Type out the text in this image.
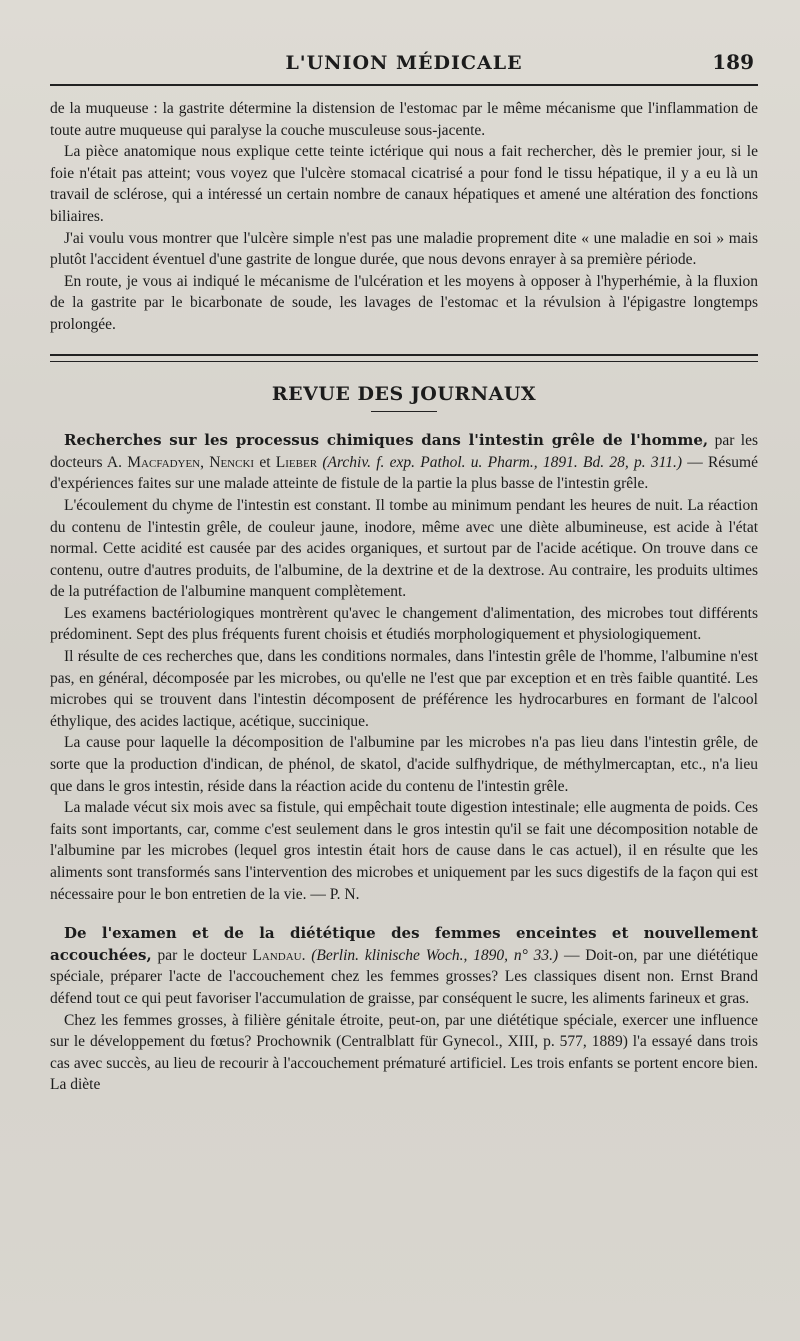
L'UNION MÉDICALE	189

de la muqueuse : la gastrite détermine la distension de l'estomac par le même mécanisme que l'inflammation de toute autre muqueuse qui paralyse la couche musculeuse sous-jacente.

La pièce anatomique nous explique cette teinte ictérique qui nous a fait rechercher, dès le premier jour, si le foie n'était pas atteint; vous voyez que l'ulcère stomacal cicatrisé a pour fond le tissu hépatique, il y a eu là un travail de sclérose, qui a intéressé un certain nombre de canaux hépatiques et amené une altération des fonctions biliaires.

J'ai voulu vous montrer que l'ulcère simple n'est pas une maladie proprement dite « une maladie en soi » mais plutôt l'accident éventuel d'une gastrite de longue durée, que nous devons enrayer à sa première période.

En route, je vous ai indiqué le mécanisme de l'ulcération et les moyens à opposer à l'hyperhémie, à la fluxion de la gastrite par le bicarbonate de soude, les lavages de l'estomac et la révulsion à l'épigastre longtemps prolongée.

REVUE DES JOURNAUX

Recherches sur les processus chimiques dans l'intestin grêle de l'homme, par les docteurs A. Macfadyen, Nencki et Lieber (Archiv. f. exp. Pathol. u. Pharm., 1891. Bd. 28, p. 311.) — Résumé d'expériences faites sur une malade atteinte de fistule de la partie la plus basse de l'intestin grêle.

L'écoulement du chyme de l'intestin est constant. Il tombe au minimum pendant les heures de nuit. La réaction du contenu de l'intestin grêle, de couleur jaune, inodore, même avec une diète albumineuse, est acide à l'état normal. Cette acidité est causée par des acides organiques, et surtout par de l'acide acétique. On trouve dans ce contenu, outre d'autres produits, de l'albumine, de la dextrine et de la dextrose. Au contraire, les produits ultimes de la putréfaction de l'albumine manquent complètement.

Les examens bactériologiques montrèrent qu'avec le changement d'alimentation, des microbes tout différents prédominent. Sept des plus fréquents furent choisis et étudiés morphologiquement et physiologiquement.

Il résulte de ces recherches que, dans les conditions normales, dans l'intestin grêle de l'homme, l'albumine n'est pas, en général, décomposée par les microbes, ou qu'elle ne l'est que par exception et en très faible quantité. Les microbes qui se trouvent dans l'intestin décomposent de préférence les hydrocarbures en formant de l'alcool éthylique, des acides lactique, acétique, succinique.

La cause pour laquelle la décomposition de l'albumine par les microbes n'a pas lieu dans l'intestin grêle, de sorte que la production d'indican, de phénol, de skatol, d'acide sulfhydrique, de méthylmercaptan, etc., n'a lieu que dans le gros intestin, réside dans la réaction acide du contenu de l'intestin grêle.

La malade vécut six mois avec sa fistule, qui empêchait toute digestion intestinale; elle augmenta de poids. Ces faits sont importants, car, comme c'est seulement dans le gros intestin qu'il se fait une décomposition notable de l'albumine par les microbes (lequel gros intestin était hors de cause dans le cas actuel), il en résulte que les aliments sont transformés sans l'intervention des microbes et uniquement par les sucs digestifs de la façon qui est nécessaire pour le bon entretien de la vie. — P. N.

De l'examen et de la diététique des femmes enceintes et nouvellement accouchées, par le docteur Landau. (Berlin. klinische Woch., 1890, n° 33.) — Doit-on, par une diététique spéciale, préparer l'acte de l'accouchement chez les femmes grosses? Les classiques disent non. Ernst Brand défend tout ce qui peut favoriser l'accumulation de graisse, par conséquent le sucre, les aliments farineux et gras.

Chez les femmes grosses, à filière génitale étroite, peut-on, par une diététique spéciale, exercer une influence sur le développement du fœtus? Prochownik (Centralblatt für Gynecol., XIII, p. 577, 1889) l'a essayé dans trois cas avec succès, au lieu de recourir à l'accouchement prématuré artificiel. Les trois enfants se portent encore bien. La diète
